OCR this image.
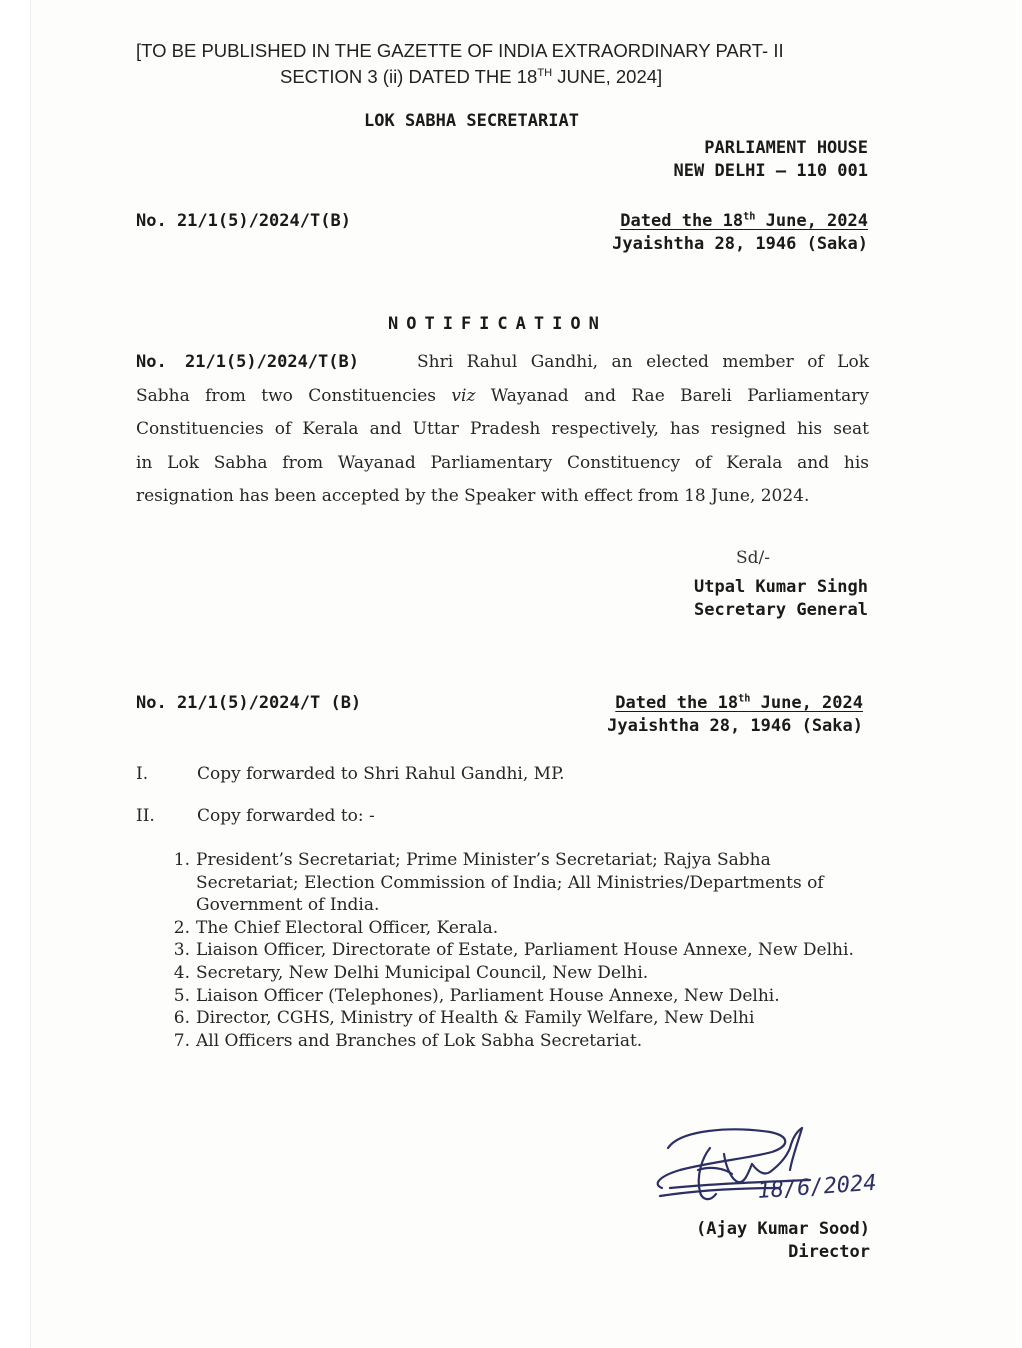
[TO BE PUBLISHED IN THE GAZETTE OF INDIA EXTRAORDINARY PART- II

SECTION 3 (ii) DATED THE 18TH JUNE, 2024]

LOK SABHA SECRETARIAT

PARLIAMENT HOUSE

NEW DELHI – 110 001

No. 21/1(5)/2024/T(B)	Dated the 18th June, 2024

Jyaishtha 28, 1946 (Saka)

NOTIFICATION

No. 21/1(5)/2024/T(B)	Shri Rahul Gandhi, an elected member of Lok
Sabha from two Constituencies viz Wayanad and Rae Bareli Parliamentary
Constituencies of Kerala and Uttar Pradesh respectively, has resigned his seat
in Lok Sabha from Wayanad Parliamentary Constituency of Kerala and his
resignation has been accepted by the Speaker with effect from 18 June, 2024.

Sd/-

Utpal Kumar Singh

Secretary General

No. 21/1(5)/2024/T (B)	Dated the 18th June, 2024

Jyaishtha 28, 1946 (Saka)

I.	Copy forwarded to Shri Rahul Gandhi, MP.

II. Copy forwarded to: -

1. President’s Secretariat; Prime Minister’s Secretariat; Rajya Sabha Secretariat; Election Commission of India; All Ministries/Departments of Government of India.

2. The Chief Electoral Officer, Kerala.

3. Liaison Officer, Directorate of Estate, Parliament House Annexe, New Delhi.

4. Secretary, New Delhi Municipal Council, New Delhi.

5. Liaison Officer (Telephones), Parliament House Annexe, New Delhi.

6. Director, CGHS, Ministry of Health & Family Welfare, New Delhi

7. All Officers and Branches of Lok Sabha Secretariat.

18/6/2024

(Ajay Kumar Sood)

Director
